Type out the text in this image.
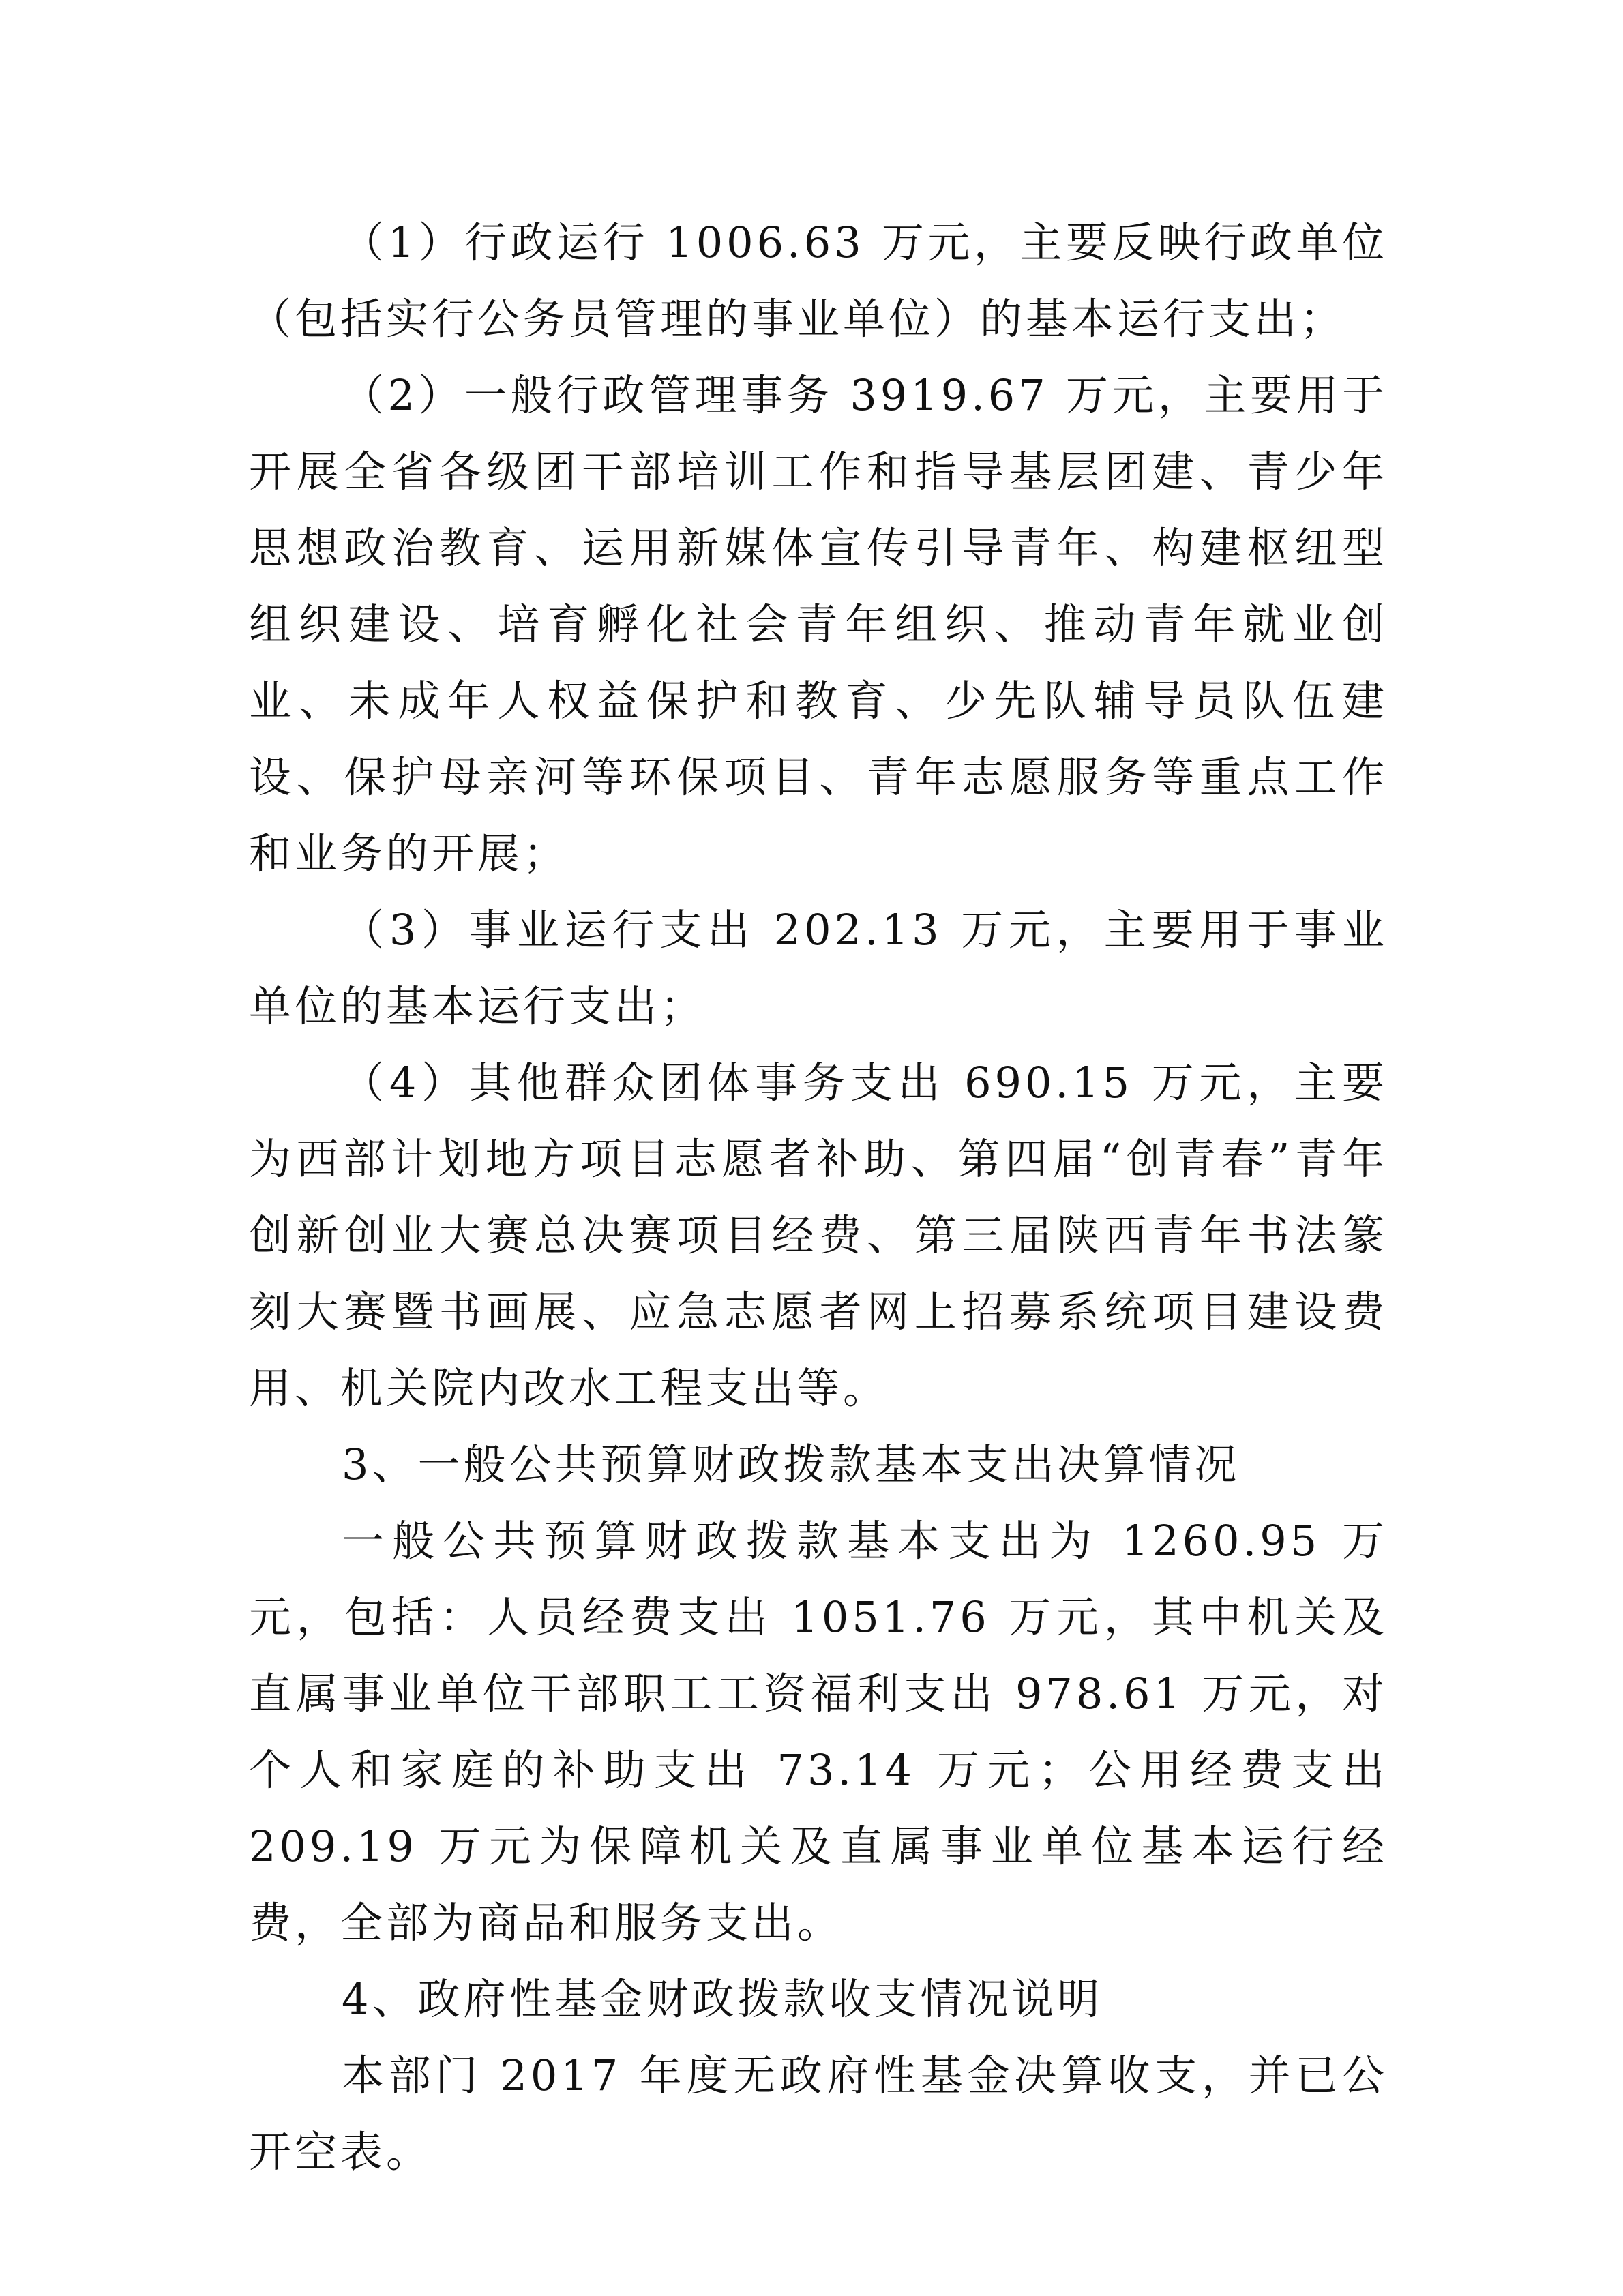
（1）行政运行 1006.63 万元，主要反映行政单位（包括实行公务员管理的事业单位）的基本运行支出；

（2）一般行政管理事务 3919.67 万元，主要用于开展全省各级团干部培训工作和指导基层团建、青少年思想政治教育、运用新媒体宣传引导青年、构建枢纽型组织建设、培育孵化社会青年组织、推动青年就业创业、未成年人权益保护和教育、少先队辅导员队伍建设、保护母亲河等环保项目、青年志愿服务等重点工作和业务的开展；

（3）事业运行支出 202.13 万元，主要用于事业单位的基本运行支出；

（4）其他群众团体事务支出 690.15 万元，主要为西部计划地方项目志愿者补助、第四届“创青春”青年创新创业大赛总决赛项目经费、第三届陕西青年书法篆刻大赛暨书画展、应急志愿者网上招募系统项目建设费用、机关院内改水工程支出等。

3、一般公共预算财政拨款基本支出决算情况

一般公共预算财政拨款基本支出为 1260.95 万元，包括：人员经费支出 1051.76 万元，其中机关及直属事业单位干部职工工资福利支出 978.61 万元，对个人和家庭的补助支出 73.14 万元；公用经费支出 209.19 万元为保障机关及直属事业单位基本运行经费，全部为商品和服务支出。

4、政府性基金财政拨款收支情况说明

本部门 2017 年度无政府性基金决算收支，并已公开空表。
